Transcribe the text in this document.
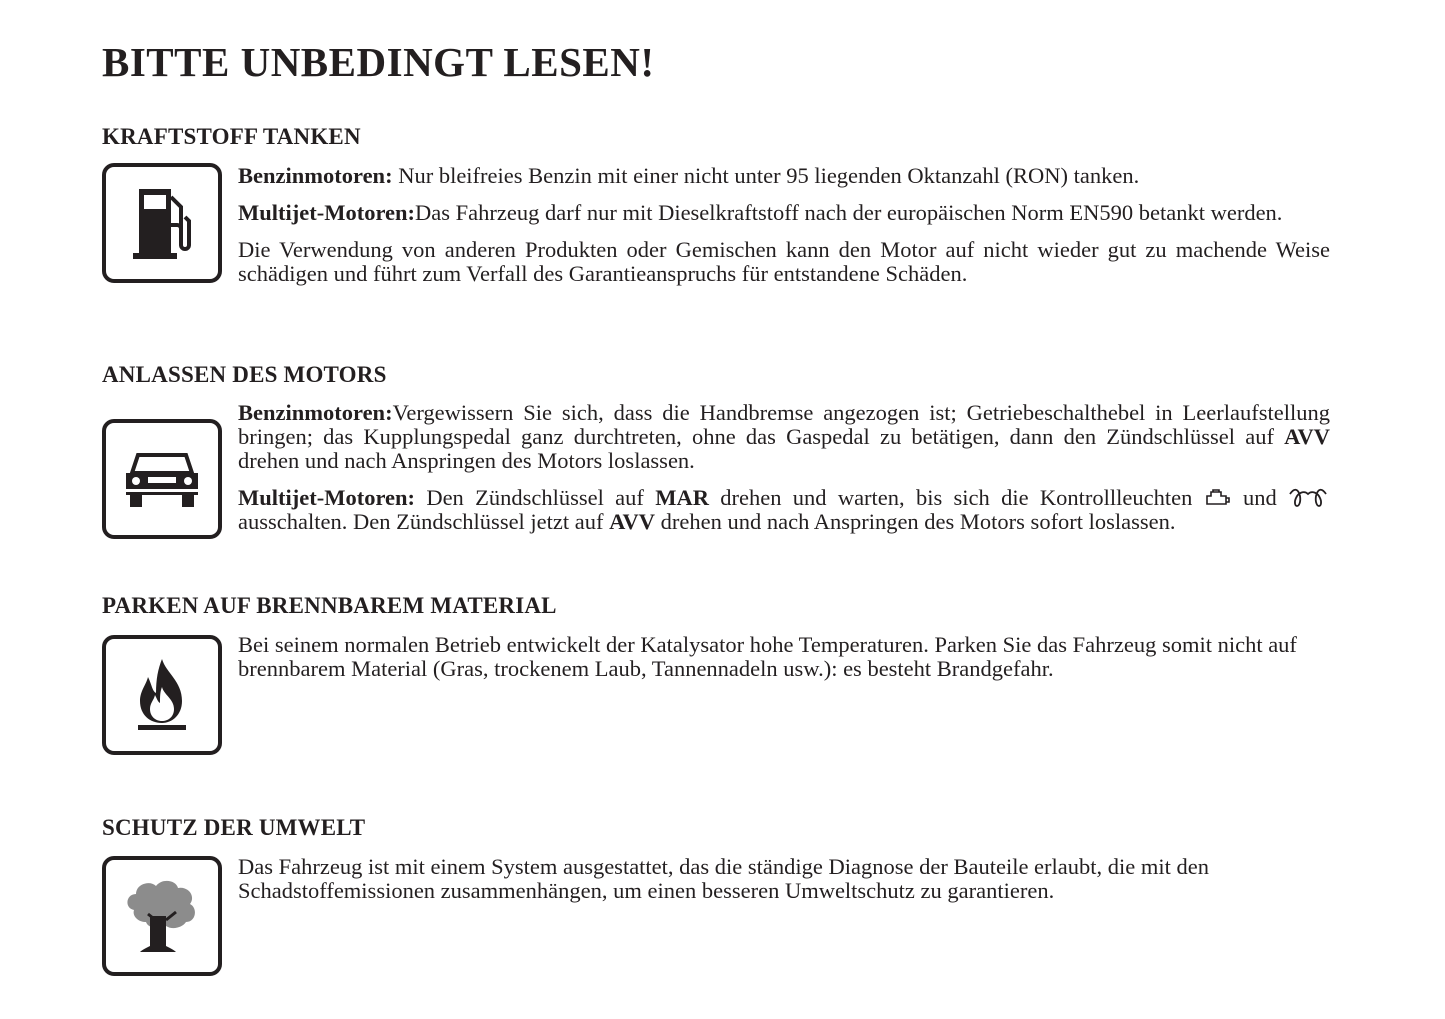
BITTE UNBEDINGT LESEN!
KRAFTSTOFF TANKEN

Benzinmotoren: Nur bleifreies Benzin mit einer nicht unter 95 liegenden Oktanzahl (RON) tanken.

Multijet-Motoren:Das Fahrzeug darf nur mit Dieselkraftstoff nach der europäischen Norm EN590 betankt werden.

Die Verwendung von anderen Produkten oder Gemischen kann den Motor auf nicht wieder gut zu machende Weise schädigen und führt zum Verfall des Garantieanspruchs für entstandene Schäden.

ANLASSEN DES MOTORS

Benzinmotoren:Vergewissern Sie sich, dass die Handbremse angezogen ist; Getriebeschalthebel in Leerlaufstellung bringen; das Kupplungspedal ganz durchtreten, ohne das Gaspedal zu betätigen, dann den Zündschlüssel auf AVV drehen und nach Anspringen des Motors loslassen.

Multijet-Motoren: Den Zündschlüssel auf MAR drehen und warten, bis sich die Kontrollleuchten  und  ausschalten. Den Zündschlüssel jetzt auf AVV drehen und nach Anspringen des Motors sofort loslassen.

PARKEN AUF BRENNBAREM MATERIAL

Bei seinem normalen Betrieb entwickelt der Katalysator hohe Temperaturen. Parken Sie das Fahrzeug somit nicht auf brennbarem Material (Gras, trockenem Laub, Tannennadeln usw.): es besteht Brandgefahr.

SCHUTZ DER UMWELT

Das Fahrzeug ist mit einem System ausgestattet, das die ständige Diagnose der Bauteile erlaubt, die mit den Schadstoffemissionen zusammenhängen, um einen besseren Umweltschutz zu garantieren.
